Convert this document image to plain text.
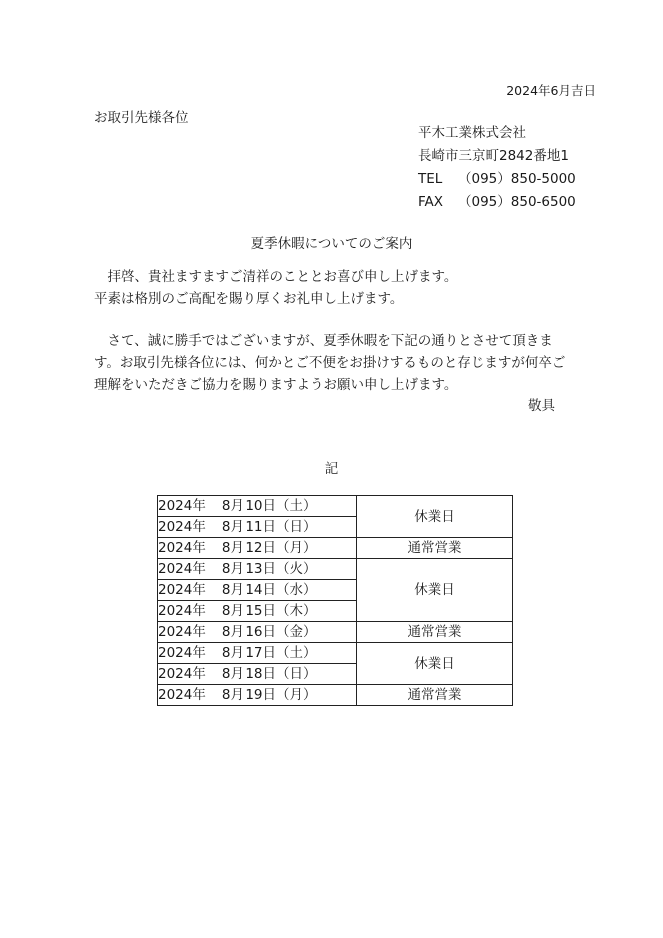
2024年6月吉日
お取引先様各位
平木工業株式会社
長崎市三京町2842番地1
TEL	（095）850-5000
FAX	（095）850-6500
夏季休暇についてのご案内
　拝啓、貴社ますますご清祥のこととお喜び申し上げます。
平素は格別のご高配を賜り厚くお礼申し上げます。
　さて、誠に勝手ではございますが、夏季休暇を下記の通りとさせて頂きま
す。お取引先様各位には、何かとご不便をお掛けするものと存じますが何卒ご
理解をいただきご協力を賜りますようお願い申し上げます。
敬具
記
2024年 8月10日（土）	休業日
2024年 8月11日（日）	
2024年 8月12日（月）	通常営業
2024年 8月13日（火）	休業日
2024年 8月14日（水）	
2024年 8月15日（木）	
2024年 8月16日（金）	通常営業
2024年 8月17日（土）	休業日
2024年 8月18日（日）	
2024年 8月19日（月）	通常営業
